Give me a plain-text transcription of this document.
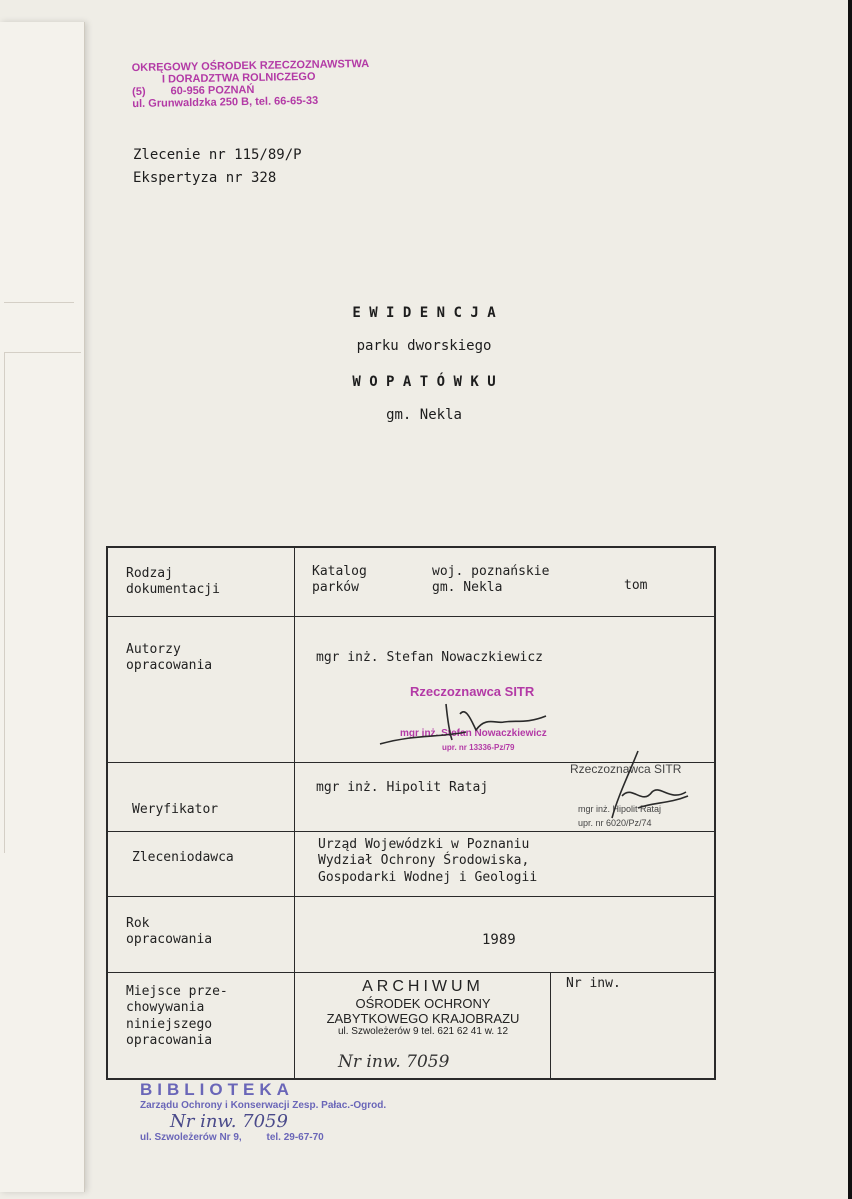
OKRĘGOWY OŚRODEK RZECZOZNAWSTWA
I DORADZTWA ROLNICZEGO
(5) 60-956 POZNAŃ
ul. Grunwaldzka 250 B, tel. 66-65-33
Zlecenie nr 115/89/P
Ekspertyza nr 328
E W I D E N C J A
parku dworskiego
W O P A T Ó W K U
gm. Nekla
Rodzaj
dokumentacji
Katalog
parków
woj. poznańskie
gm. Nekla	tom
Autorzy
opracowania
mgr inż. Stefan Nowaczkiewicz
Rzeczoznawca SITR
mgr inż. Stefan Nowaczkiewicz
upr. nr 13336-Pz/79
Weryfikator
mgr inż. Hipolit Rataj
Rzeczoznawca SITR
mgr inż. Hipolit Rataj
upr. nr 6020/Pz/74
Zleceniodawca
Urząd Wojewódzki w Poznaniu
Wydział Ochrony Środowiska,
Gospodarki Wodnej i Geologii
Rok
opracowania	1989
Miejsce prze-
chowywania
niniejszego
opracowania
Nr inw.
ARCHIWUM
OŚRODEK OCHRONY
ZABYTKOWEGO KRAJOBRAZU
ul. Szwoleżerów 9 tel. 621 62 41 w. 12
Nr inw. 7059
BIBLIOTEKA
Zarządu Ochrony i Konserwacji Zesp. Pałac.-Ogrod.
Nr inw. 7059
ul. Szwoleżerów Nr 9, tel. 29-67-70
